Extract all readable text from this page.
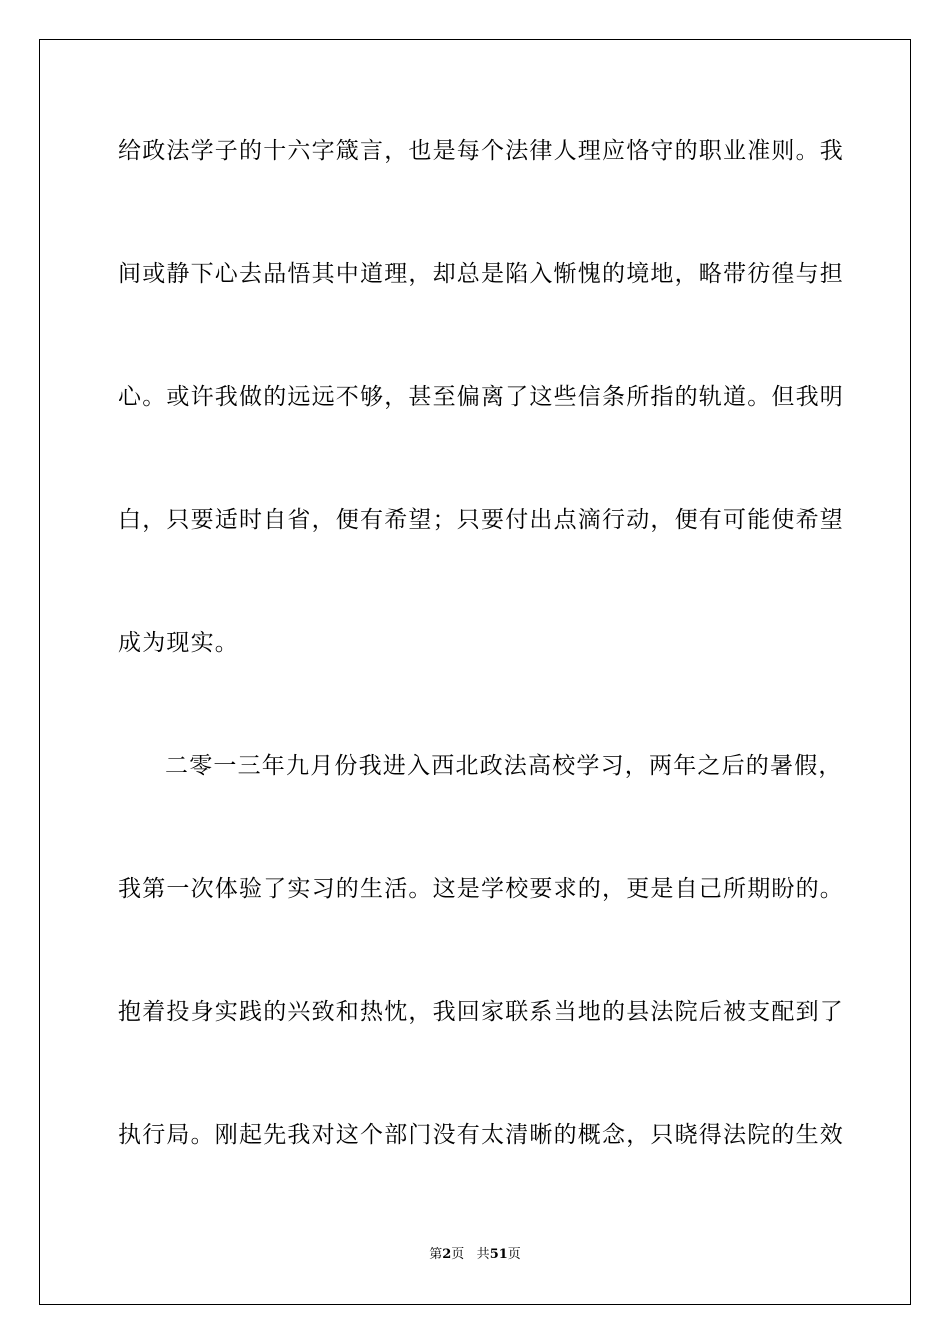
给政法学子的十六字箴言，也是每个法律人理应恪守的职业准则。我
间或静下心去品悟其中道理，却总是陷入惭愧的境地，略带彷徨与担
心。或许我做的远远不够，甚至偏离了这些信条所指的轨道。但我明
白，只要适时自省，便有希望；只要付出点滴行动，便有可能使希望
成为现实。
二零一三年九月份我进入西北政法高校学习，两年之后的暑假，
我第一次体验了实习的生活。这是学校要求的，更是自己所期盼的。
抱着投身实践的兴致和热忱，我回家联系当地的县法院后被支配到了
执行局。刚起先我对这个部门没有太清晰的概念，只晓得法院的生效
第2页 共51页
